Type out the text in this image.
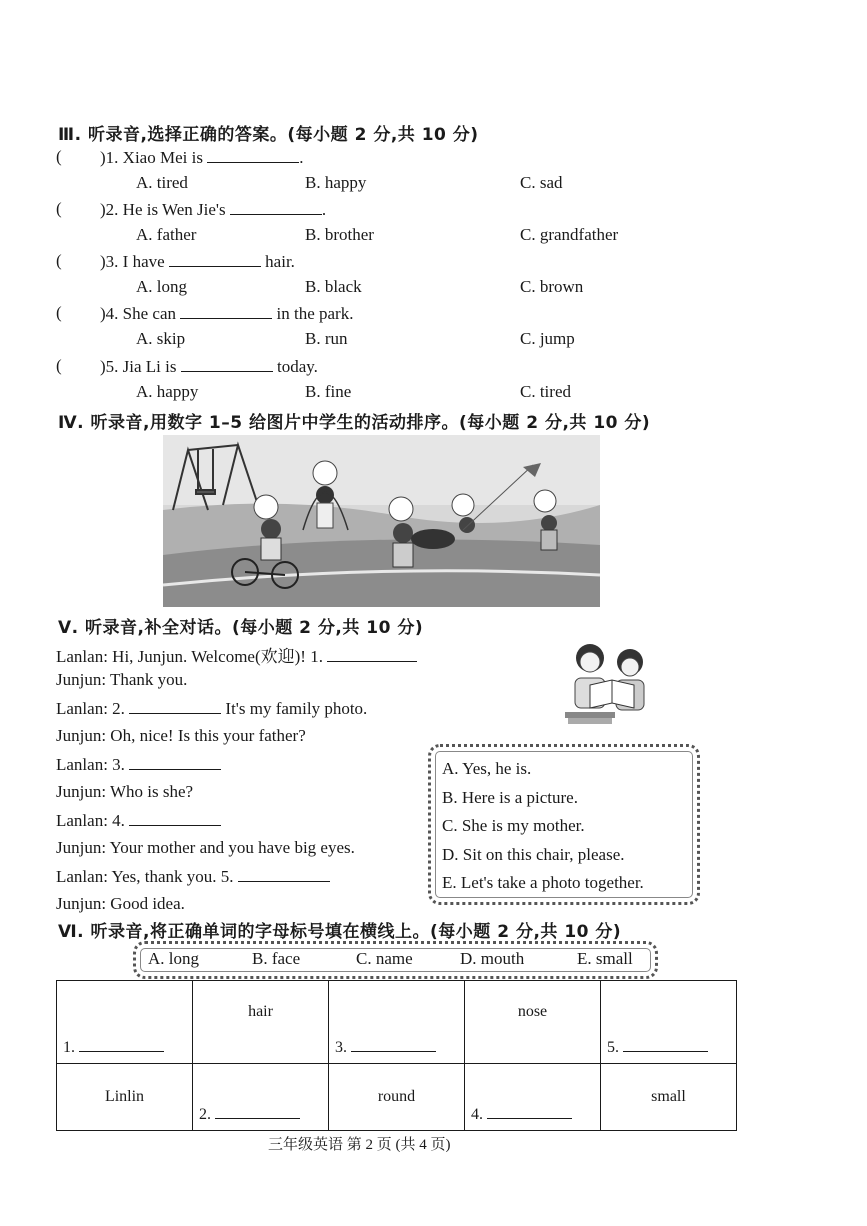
Ⅲ. 听录音,选择正确的答案。(每小题 2 分,共 10 分)
( )1. Xiao Mei is	.
A. tired	B. happy	C. sad
( )2. He is Wen Jie's	.
A. father	B. brother	C. grandfather
( )3. I have	hair.
A. long	B. black	C. brown
( )4. She can	in the park.
A. skip	B. run	C. jump
( )5. Jia Li is	today.
A. happy	B. fine	C. tired
Ⅳ. 听录音,用数字 1–5 给图片中学生的活动排序。(每小题 2 分,共 10 分)
Ⅴ. 听录音,补全对话。(每小题 2 分,共 10 分)
Lanlan: Hi, Junjun. Welcome(欢迎)! 1.
Junjun: Thank you.
Lanlan: 2.	It's my family photo.
Junjun: Oh, nice! Is this your father?
Lanlan: 3.
Junjun: Who is she?
Lanlan: 4.
Junjun: Your mother and you have big eyes.
Lanlan: Yes, thank you. 5.
Junjun: Good idea.
A. Yes, he is.
B. Here is a picture.
C. She is my mother.
D. Sit on this chair, please.
E. Let's take a photo together.
Ⅵ. 听录音,将正确单词的字母标号填在横线上。(每小题 2 分,共 10 分)
A. long	B. face	C. name	D. mouth	E. small
1.	hair	3.	nose	5.
Linlin	2.	round	4.	small
三年级英语 第 2 页 (共 4 页)
